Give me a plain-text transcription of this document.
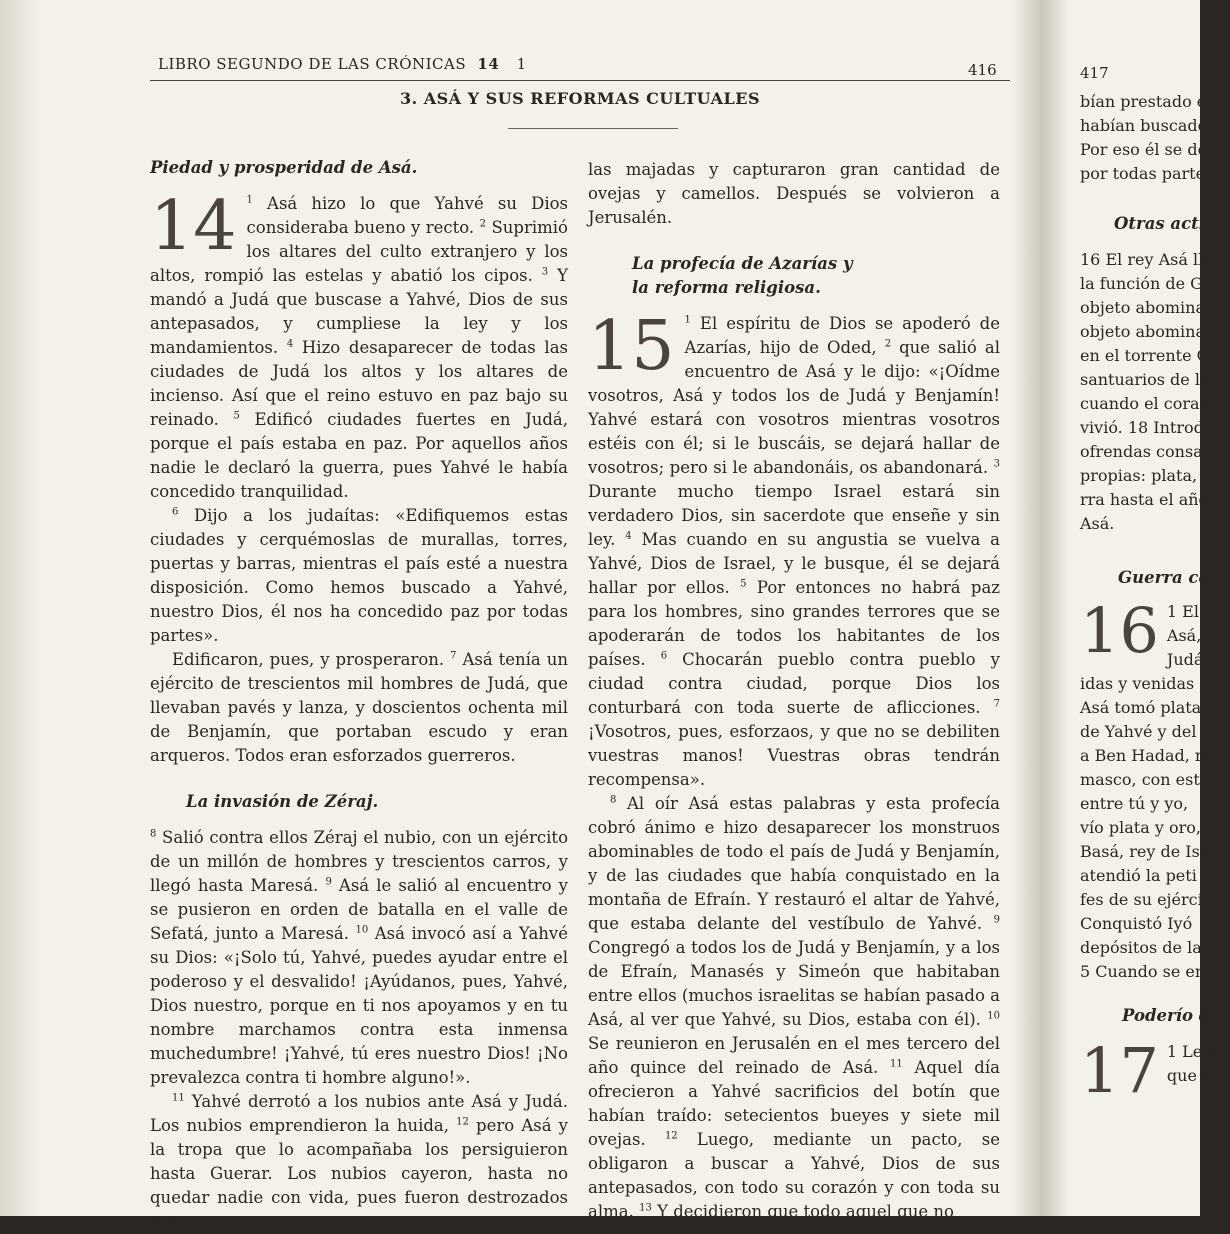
LIBRO SEGUNDO DE LAS CRÓNICAS 14 1	416
3. ASÁ Y SUS REFORMAS CULTUALES
Piedad y prosperidad de Asá.

14 $^1$ Asá hizo lo que Yahvé su Dios consideraba bueno y recto. $^2$ Suprimió los altares del culto extranjero y los altos, rompió las estelas y abatió los cipos. $^3$ Y mandó a Judá que buscase a Yahvé, Dios de sus antepasados, y cumpliese la ley y los mandamientos. $^4$ Hizo desaparecer de todas las ciudades de Judá los altos y los altares de incienso. Así que el reino estuvo en paz bajo su reinado. $^5$ Edificó ciudades fuertes en Judá, porque el país estaba en paz. Por aquellos años nadie le declaró la guerra, pues Yahvé le había concedido tranquilidad.

$^6$ Dijo a los judaítas: «Edifiquemos estas ciudades y cerquémoslas de murallas, torres, puertas y barras, mientras el país esté a nuestra disposición. Como hemos buscado a Yahvé, nuestro Dios, él nos ha concedido paz por todas partes».

Edificaron, pues, y prosperaron. $^7$ Asá tenía un ejército de trescientos mil hombres de Judá, que llevaban pavés y lanza, y doscientos ochenta mil de Benjamín, que portaban escudo y eran arqueros. Todos eran esforzados guerreros.

La invasión de Zéraj.

$^8$ Salió contra ellos Zéraj el nubio, con un ejército de un millón de hombres y trescientos carros, y llegó hasta Maresá. $^9$ Asá le salió al encuentro y se pusieron en orden de batalla en el valle de Sefatá, junto a Maresá. $^{10}$ Asá invocó así a Yahvé su Dios: «¡Solo tú, Yahvé, puedes ayudar entre el poderoso y el desvalido! ¡Ayúdanos, pues, Yahvé, Dios nuestro, porque en ti nos apoyamos y en tu nombre marchamos contra esta inmensa muchedumbre! ¡Yahvé, tú eres nuestro Dios! ¡No prevalezca contra ti hombre alguno!».

$^{11}$ Yahvé derrotó a los nubios ante Asá y Judá. Los nubios emprendieron la huida, $^{12}$ pero Asá y la tropa que lo acompañaba los persiguieron hasta Guerar. Los nubios cayeron, hasta no quedar nadie con vida, pues fueron destrozados por

las majadas y capturaron gran cantidad de ovejas y camellos. Después se volvieron a Jerusalén.

La profecía de Azarías y la reforma religiosa.

15 $^1$ El espíritu de Dios se apoderó de Azarías, hijo de Oded, $^2$ que salió al encuentro de Asá y le dijo: «¡Oídme vosotros, Asá y todos los de Judá y Benjamín! Yahvé estará con vosotros mientras vosotros estéis con él; si le buscáis, se dejará hallar de vosotros; pero si le abandonáis, os abandonará. $^3$ Durante mucho tiempo Israel estará sin verdadero Dios, sin sacerdote que enseñe y sin ley. $^4$ Mas cuando en su angustia se vuelva a Yahvé, Dios de Israel, y le busque, él se dejará hallar por ellos. $^5$ Por entonces no habrá paz para los hombres, sino grandes terrores que se apoderarán de todos los habitantes de los países. $^6$ Chocarán pueblo contra pueblo y ciudad contra ciudad, porque Dios los conturbará con toda suerte de aflicciones. $^7$ ¡Vosotros, pues, esforzaos, y que no se debiliten vuestras manos! Vuestras obras tendrán recompensa».

$^8$ Al oír Asá estas palabras y esta profecía cobró ánimo e hizo desaparecer los monstruos abominables de todo el país de Judá y Benjamín, y de las ciudades que había conquistado en la montaña de Efraín. Y restauró el altar de Yahvé, que estaba delante del vestíbulo de Yahvé. $^9$ Congregó a todos los de Judá y Benjamín, y a los de Efraín, Manasés y Simeón que habitaban entre ellos (muchos israelitas se habían pasado a Asá, al ver que Yahvé, su Dios, estaba con él). $^{10}$ Se reunieron en Jerusalén en el mes tercero del año quince del reinado de Asá. $^{11}$ Aquel día ofrecieron a Yahvé sacrificios del botín que habían traído: setecientos bueyes y siete mil ovejas. $^{12}$ Luego, mediante un pacto, se obligaron a buscar a Yahvé, Dios de sus antepasados, con todo su corazón y con toda su alma. $^{13}$ Y decidieron que todo aquel que no

417
bían prestado e
habían buscado
Por eso él se de
por todas parte
Otras acti
16 El rey Asá lle
la función de G
objeto abomina
objeto abomina
en el torrente C
santuarios de lo
cuando el coraz
vivió. 18 Introd
ofrendas consa
propias: plata, c
rra hasta el año
Asá.
Guerra co
16 1 El a
Asá,
Judá
idas y venidas
Asá tomó plata
de Yahvé y del
a Ben Hadad, re
masco, con est
entre tú y yo,
vío plata y oro,
Basá, rey de Isr
atendió la peti
fes de su ejérci
Conquistó Iyó
depósitos de la
5 Cuando se en
Poderío d
17 1 Le s
que s
